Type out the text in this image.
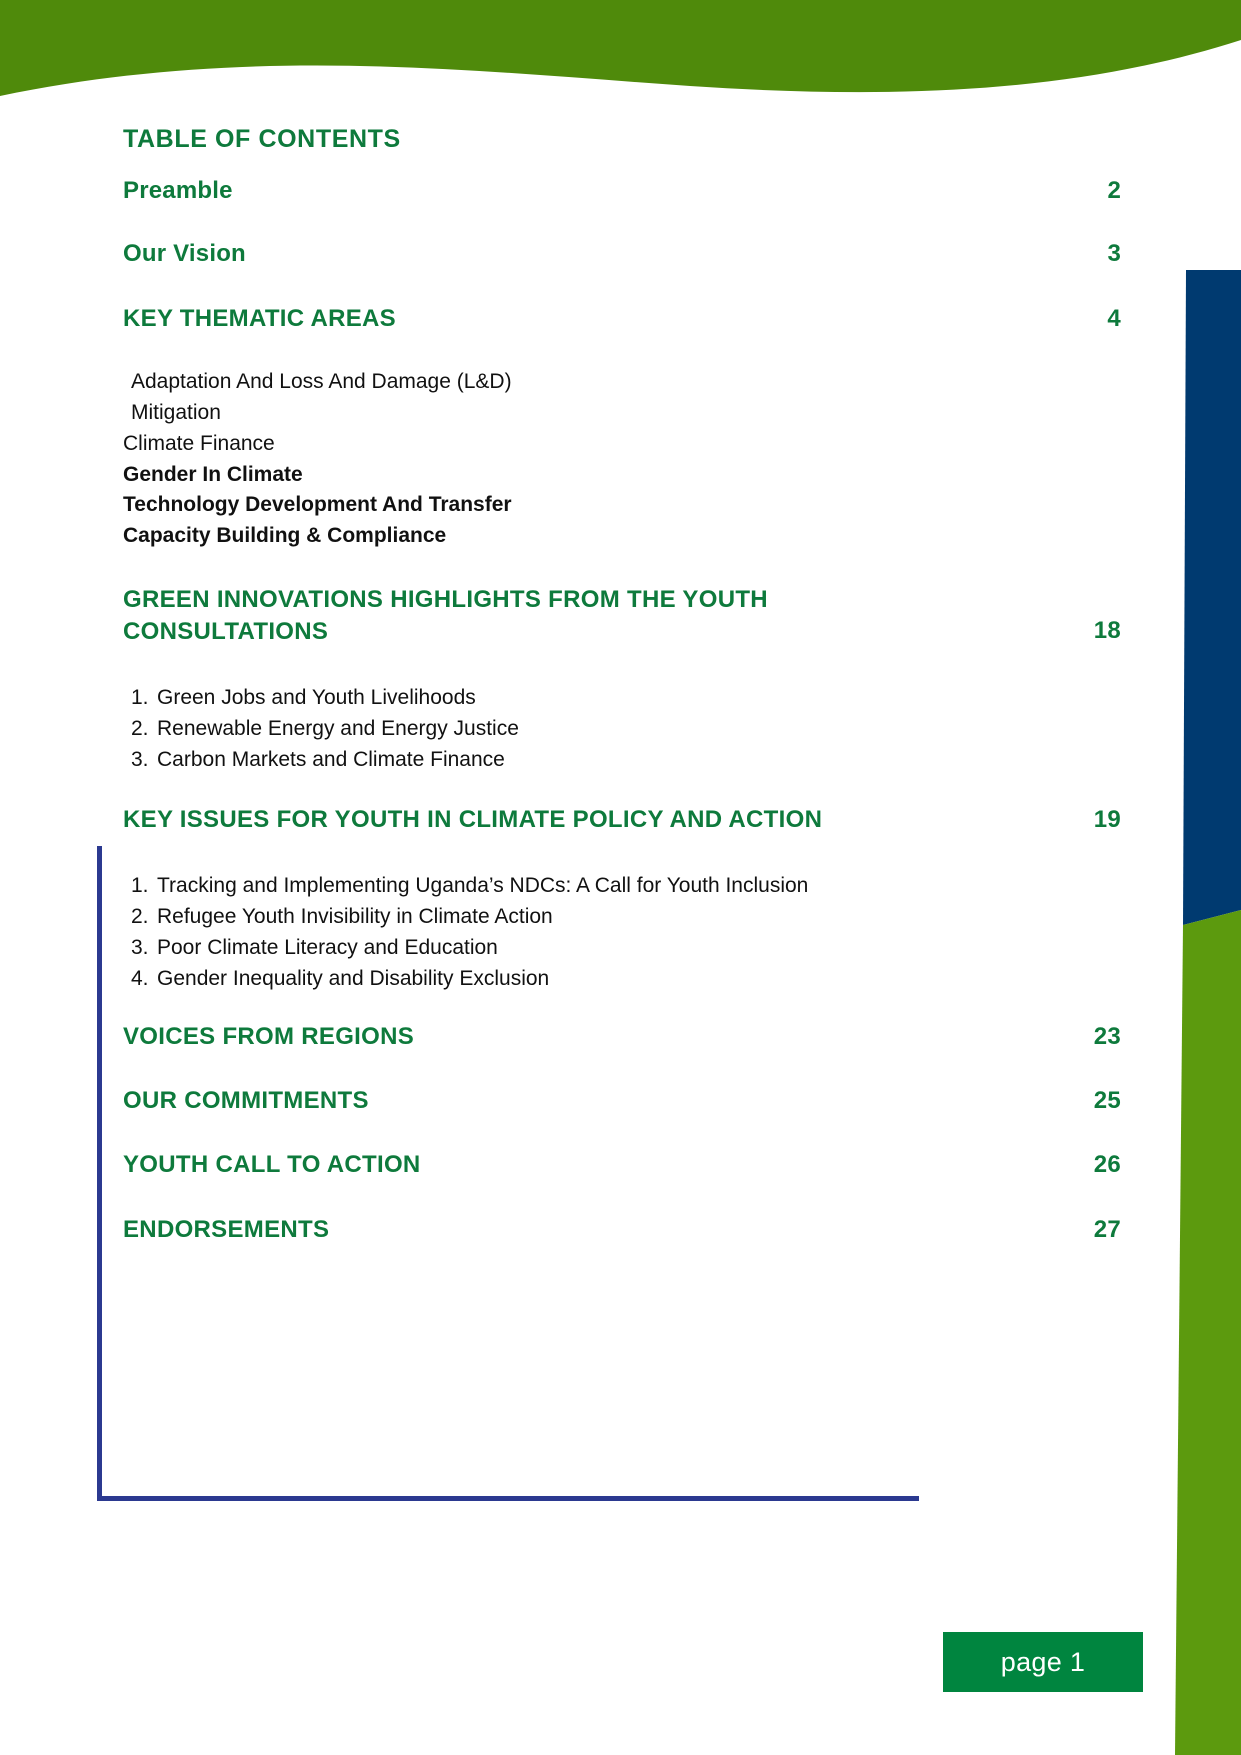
page 1
TABLE OF CONTENTS
Preamble	2
Our Vision	3
KEY THEMATIC AREAS	4
Adaptation And Loss And Damage (L&D)
Mitigation
Climate Finance
Gender In Climate
Technology Development And Transfer
Capacity Building & Compliance
GREEN INNOVATIONS HIGHLIGHTS FROM THE YOUTH
CONSULTATIONS	18
1. Green Jobs and Youth Livelihoods
2. Renewable Energy and Energy Justice
3. Carbon Markets and Climate Finance
KEY ISSUES FOR YOUTH IN CLIMATE POLICY AND ACTION	19
1. Tracking and Implementing Uganda’s NDCs: A Call for Youth Inclusion
2. Refugee Youth Invisibility in Climate Action
3. Poor Climate Literacy and Education
4. Gender Inequality and Disability Exclusion
VOICES FROM REGIONS	23
OUR COMMITMENTS	25
YOUTH CALL TO ACTION	26
ENDORSEMENTS	27
